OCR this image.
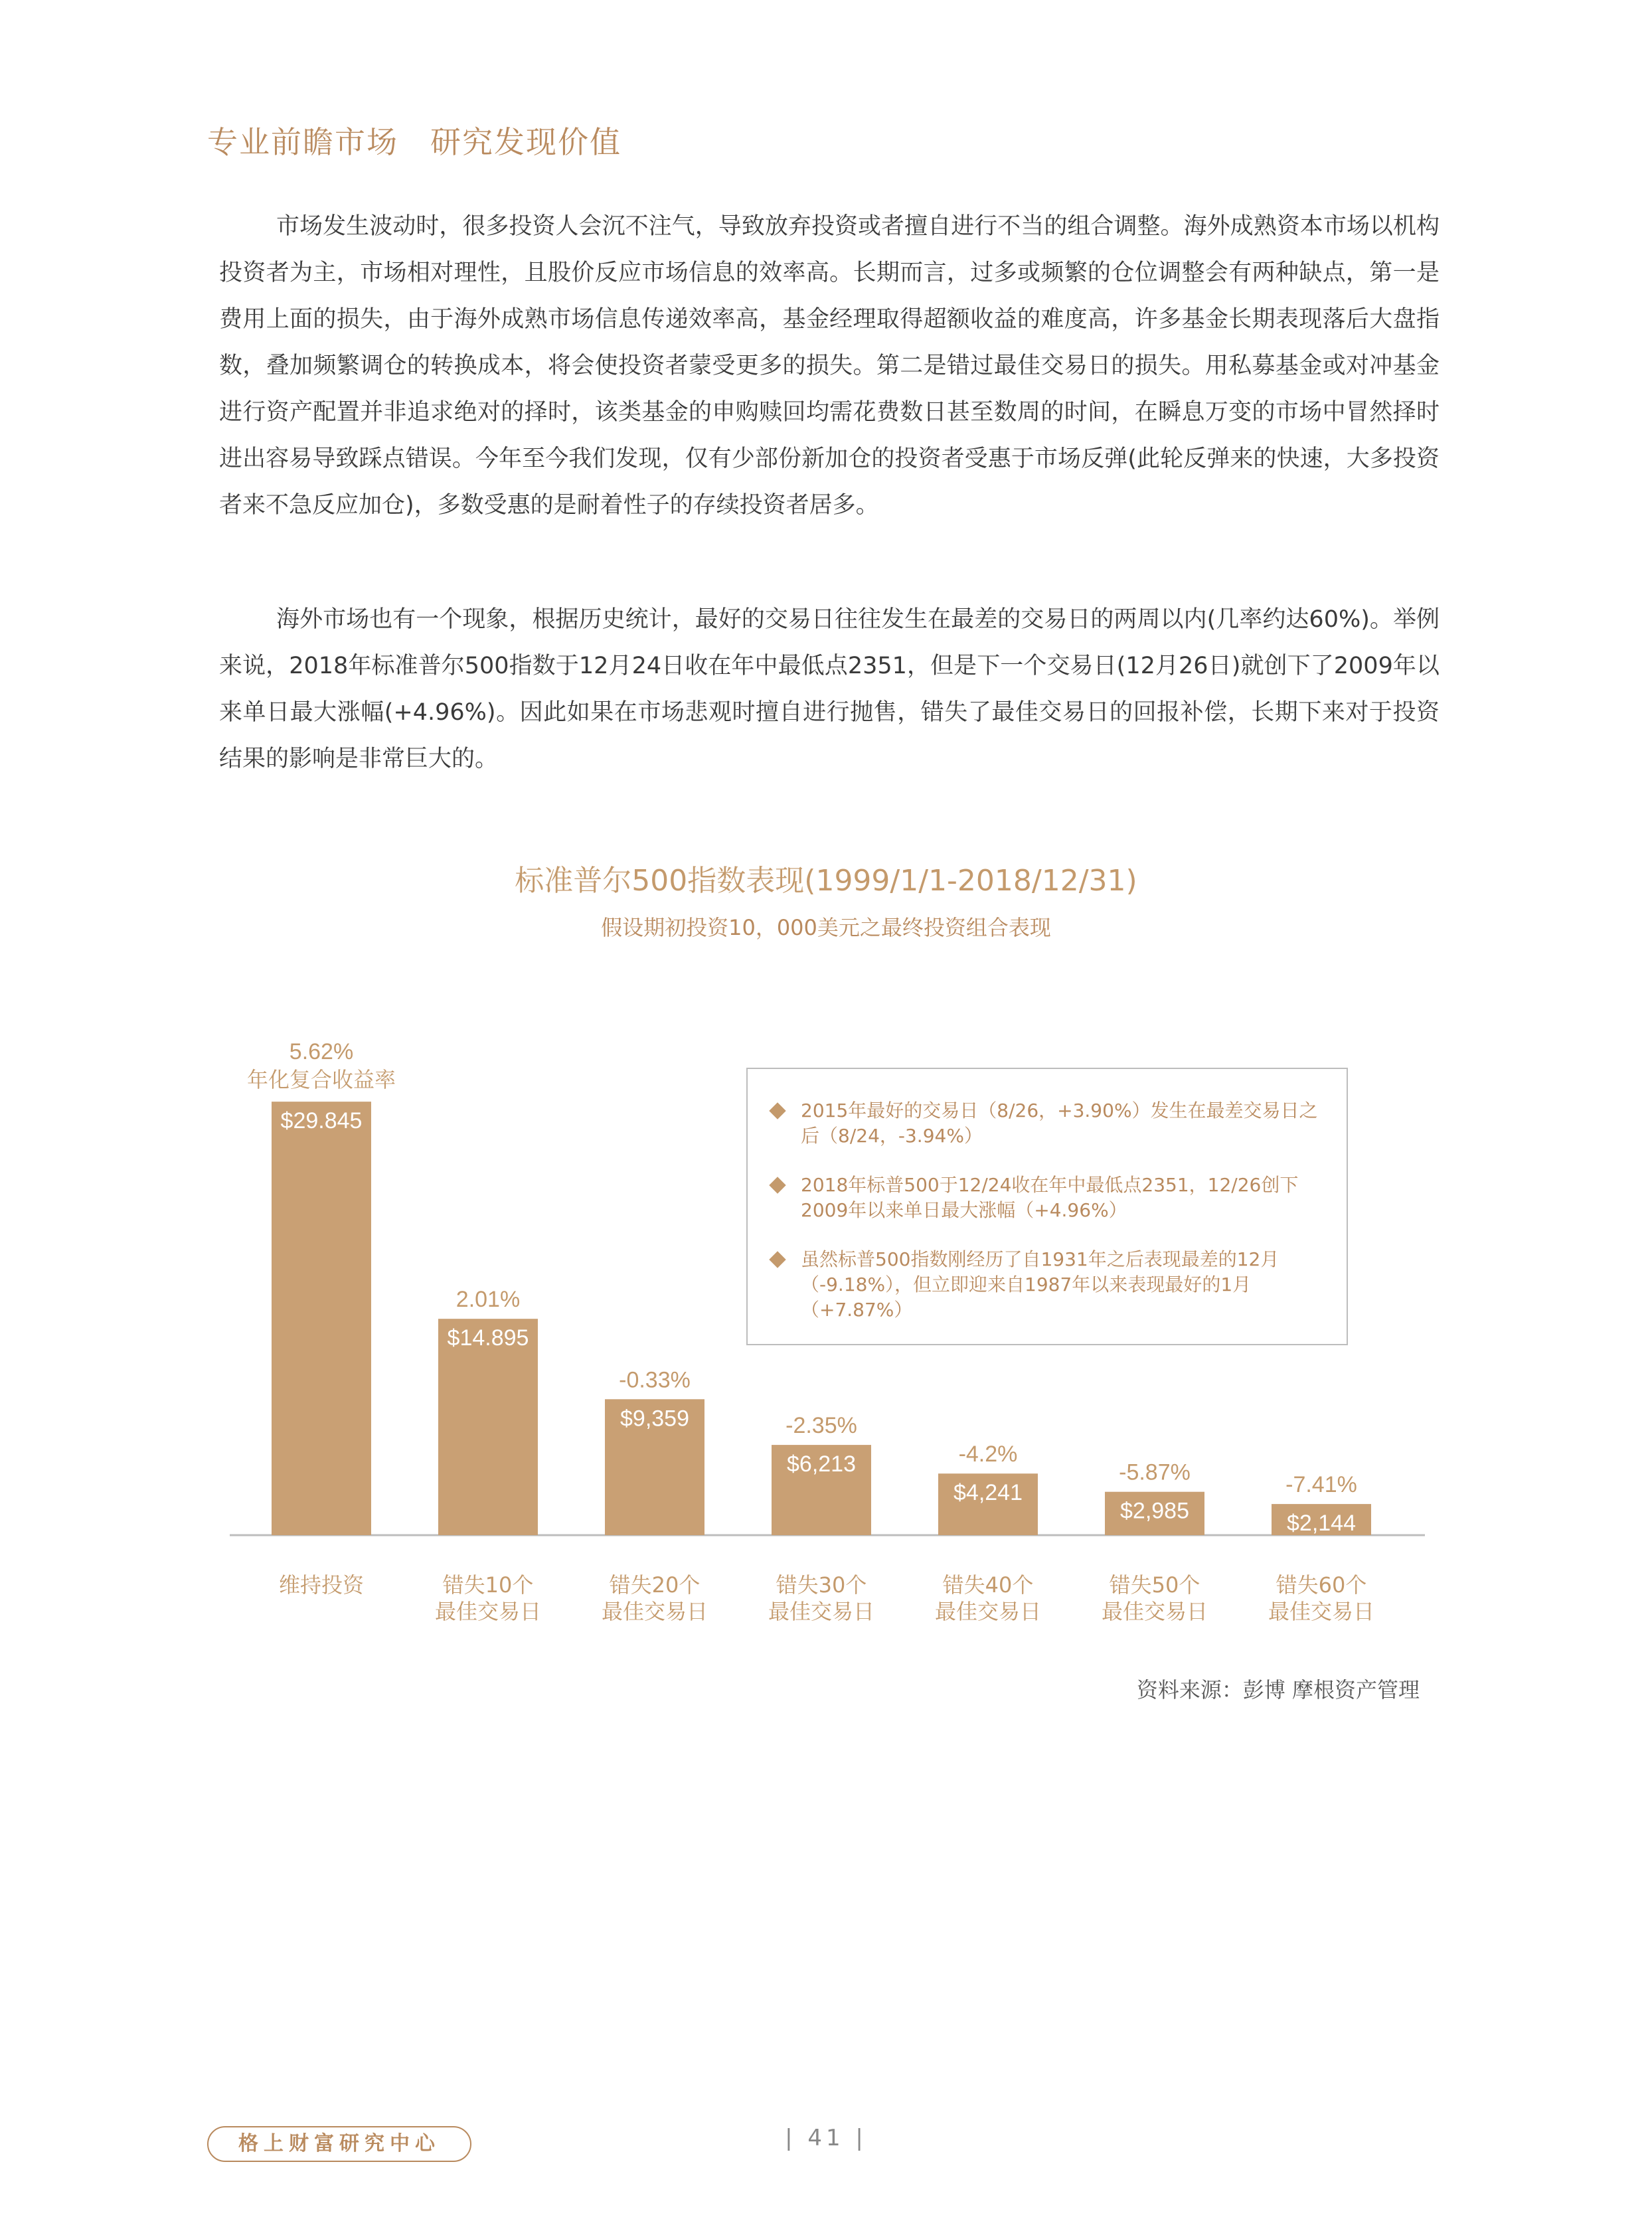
专业前瞻市场　研究发现价值

市场发生波动时，很多投资人会沉不注气，导致放弃投资或者擅自进行不当的组合调整。海外成熟资本市场以机构投资者为主，市场相对理性，且股价反应市场信息的效率高。长期而言，过多或频繁的仓位调整会有两种缺点，第一是费用上面的损失，由于海外成熟市场信息传递效率高，基金经理取得超额收益的难度高，许多基金长期表现落后大盘指数，叠加频繁调仓的转换成本，将会使投资者蒙受更多的损失。第二是错过最佳交易日的损失。用私募基金或对冲基金进行资产配置并非追求绝对的择时，该类基金的申购赎回均需花费数日甚至数周的时间，在瞬息万变的市场中冒然择时进出容易导致踩点错误。今年至今我们发现，仅有少部份新加仓的投资者受惠于市场反弹(此轮反弹来的快速，大多投资者来不急反应加仓)，多数受惠的是耐着性子的存续投资者居多。

海外市场也有一个现象，根据历史统计，最好的交易日往往发生在最差的交易日的两周以内(几率约达60%)。举例来说，2018年标准普尔500指数于12月24日收在年中最低点2351，但是下一个交易日(12月26日)就创下了2009年以来单日最大涨幅(+4.96%)。因此如果在市场悲观时擅自进行抛售，错失了最佳交易日的回报补偿，长期下来对于投资结果的影响是非常巨大的。

标准普尔500指数表现(1999/1/1-2018/12/31)
假设期初投资10，000美元之最终投资组合表现
$29.845
5.62%
年化复合收益率
维持投资
$14.895
2.01%
错失10个
最佳交易日
$9,359
-0.33%
错失20个
最佳交易日
$6,213
-2.35%
错失30个
最佳交易日
$4,241
-4.2%
错失40个
最佳交易日
$2,985
-5.87%
错失50个
最佳交易日
$2,144
-7.41%
错失60个
最佳交易日
2015年最好的交易日（8/26，+3.90%）发生在最差交易日之后（8/24，-3.94%）
2018年标普500于12/24收在年中最低点2351，12/26创下2009年以来单日最大涨幅（+4.96%）
虽然标普500指数刚经历了自1931年之后表现最差的12月（-9.18%），但立即迎来自1987年以来表现最好的1月（+7.87%）
资料来源：彭博 摩根资产管理
格上财富研究中心	| 41 |
